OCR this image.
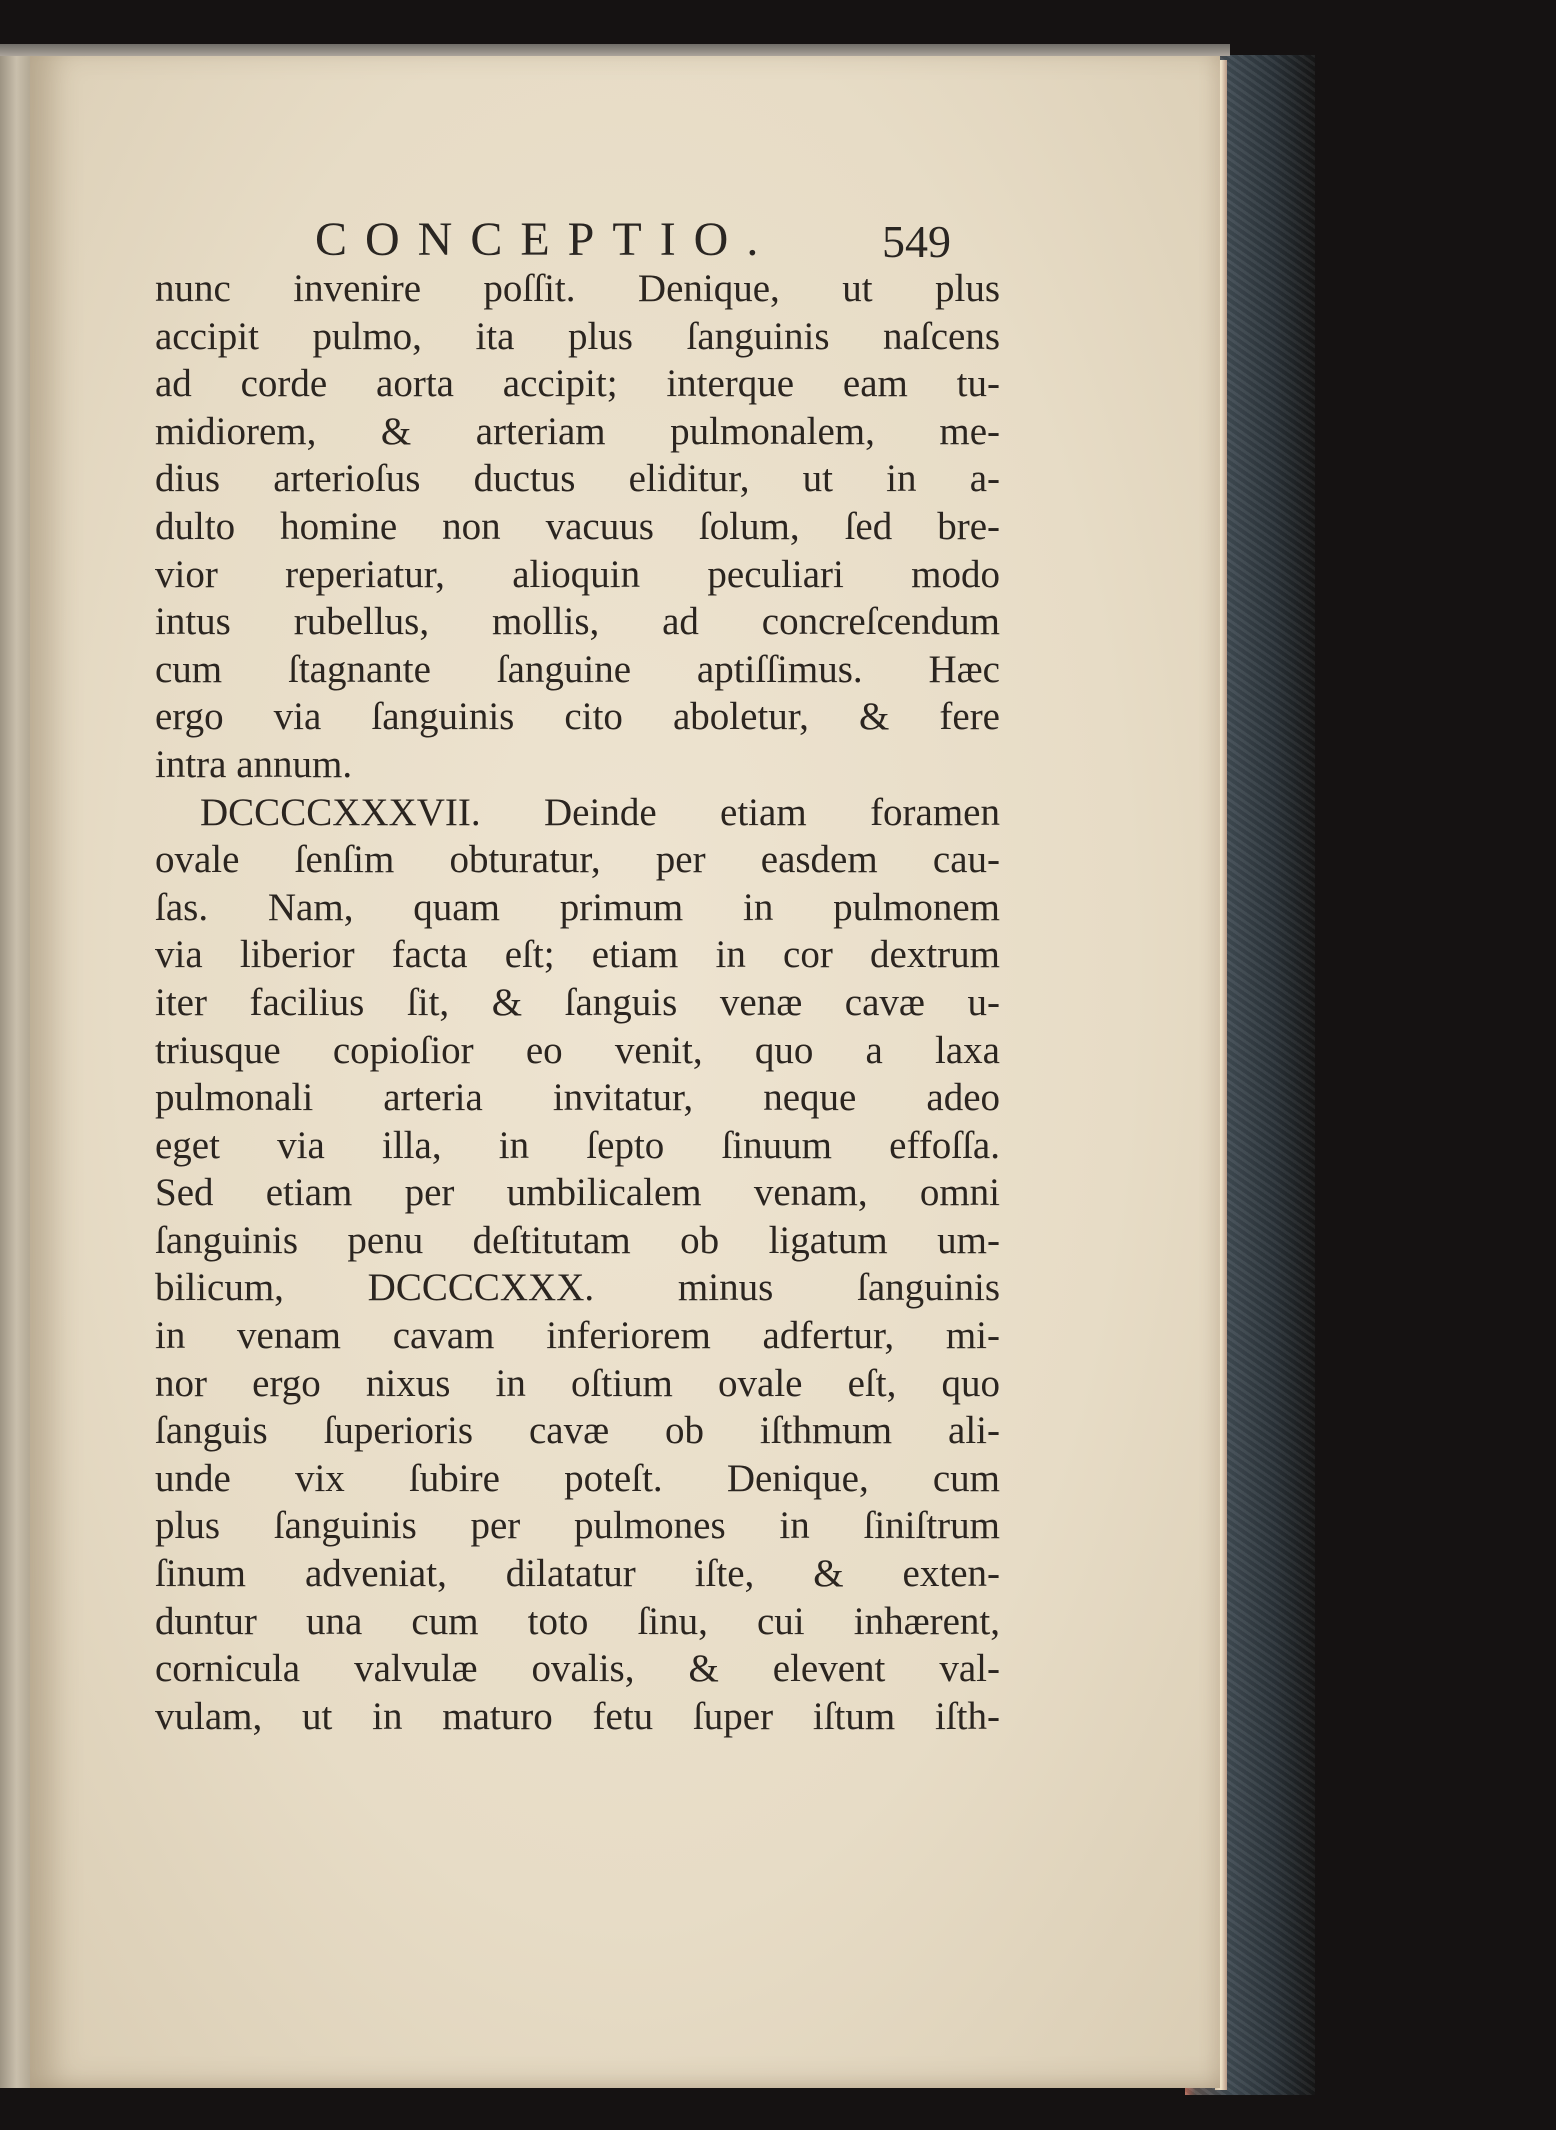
CONCEPTIO. 549
nunc invenire poſſit. Denique, ut plus
accipit pulmo, ita plus ſanguinis naſcens
ad corde aorta accipit; interque eam tu-
midiorem, & arteriam pulmonalem, me-
dius arterioſus ductus eliditur, ut in a-
dulto homine non vacuus ſolum, ſed bre-
vior reperiatur, alioquin peculiari modo
intus rubellus, mollis, ad concreſcendum
cum ſtagnante ſanguine aptiſſimus. Hæc
ergo via ſanguinis cito aboletur, & fere
intra annum.
DCCCCXXXVII. Deinde etiam foramen
ovale ſenſim obturatur, per easdem cau-
ſas. Nam, quam primum in pulmonem
via liberior facta eſt; etiam in cor dextrum
iter facilius ſit, & ſanguis venæ cavæ u-
triusque copioſior eo venit, quo a laxa
pulmonali arteria invitatur, neque adeo
eget via illa, in ſepto ſinuum effoſſa.
Sed etiam per umbilicalem venam, omni
ſanguinis penu deſtitutam ob ligatum um-
bilicum, DCCCCXXX. minus ſanguinis
in venam cavam inferiorem adfertur, mi-
nor ergo nixus in oſtium ovale eſt, quo
ſanguis ſuperioris cavæ ob iſthmum ali-
unde vix ſubire poteſt. Denique, cum
plus ſanguinis per pulmones in ſiniſtrum
ſinum adveniat, dilatatur iſte, & exten-
duntur una cum toto ſinu, cui inhærent,
cornicula valvulæ ovalis, & elevent val-
vulam, ut in maturo fetu ſuper iſtum iſth-
